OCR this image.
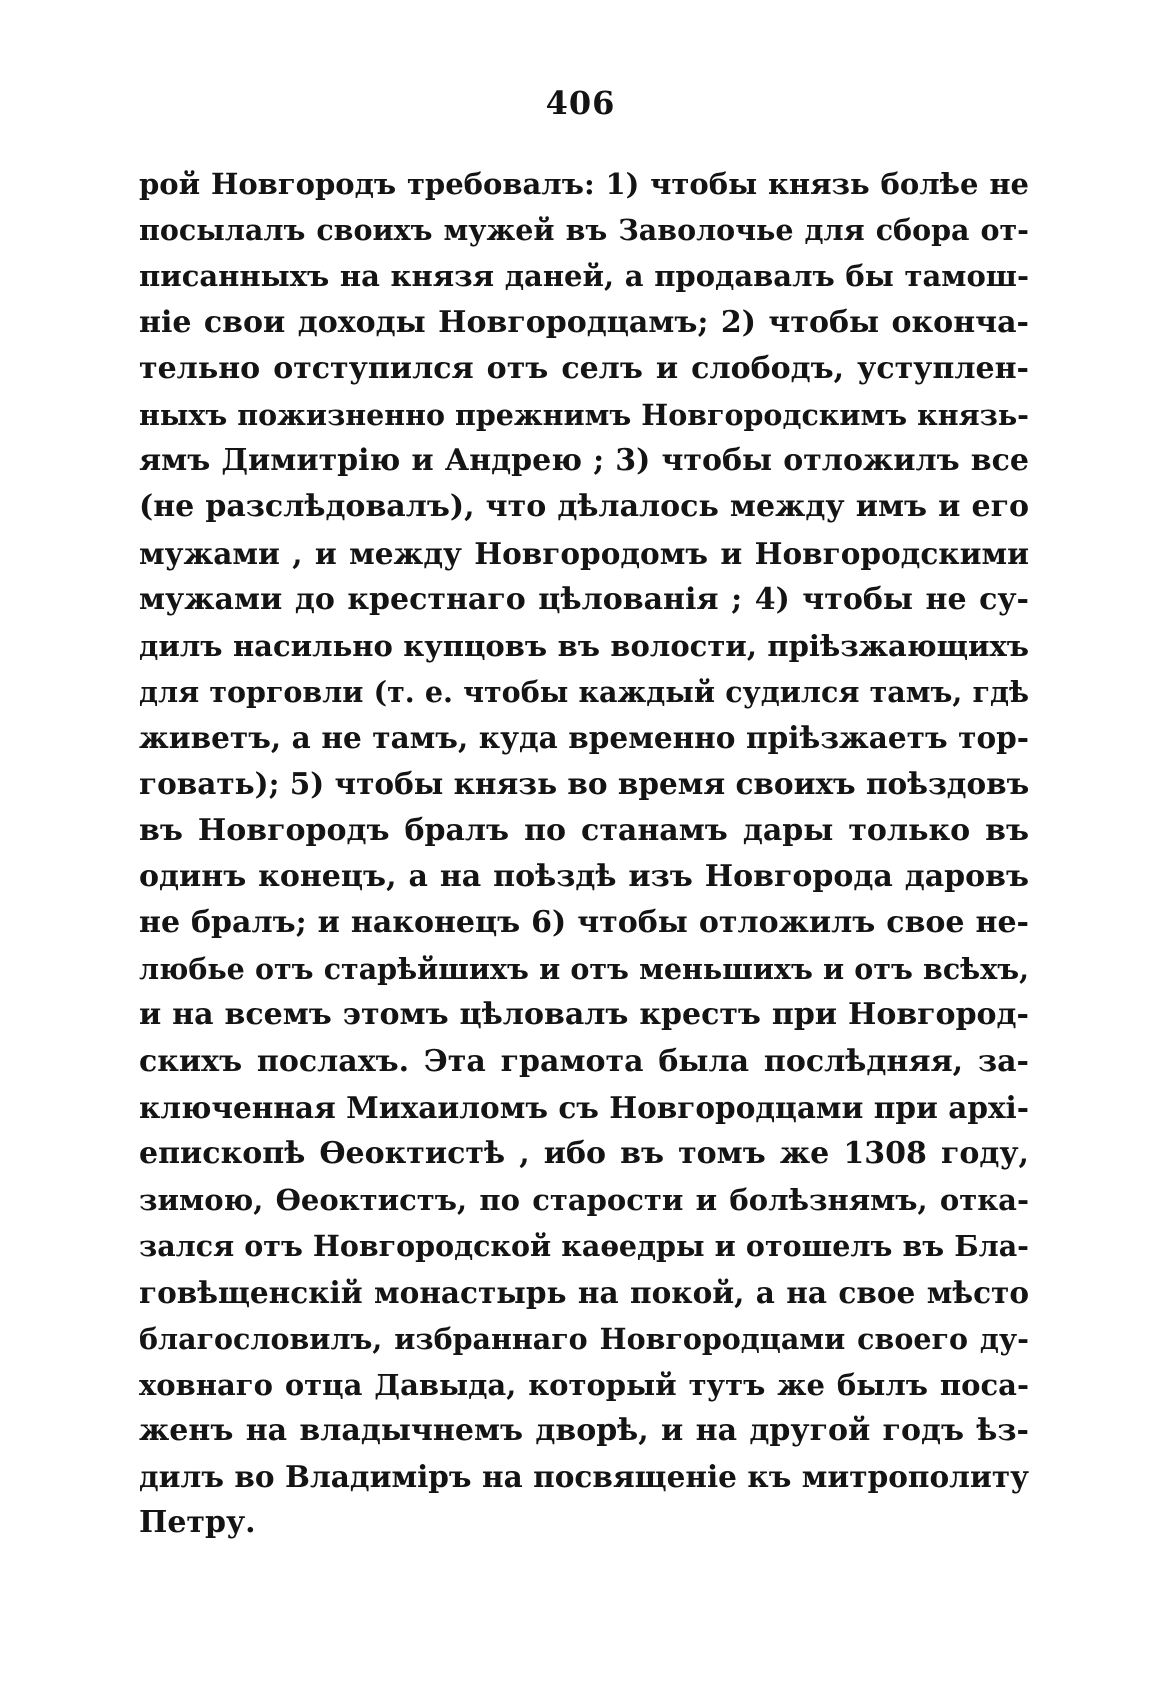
406
рой Новгородъ требовалъ: 1) чтобы князь болѣе не
посылалъ своихъ мужей въ Заволочье для сбора от-
писанныхъ на князя даней, а продавалъ бы тамош-
ніе свои доходы Новгородцамъ; 2) чтобы оконча-
тельно отступился отъ селъ и слободъ, уступлен-
ныхъ пожизненно прежнимъ Новгородскимъ князь-
ямъ Димитрію и Андрею ; 3) чтобы отложилъ все
(не разслѣдовалъ), что дѣлалось между имъ и его
мужами , и между Новгородомъ и Новгородскими
мужами до крестнаго цѣлованія ; 4) чтобы не су-
дилъ насильно купцовъ въ волости, пріѣзжающихъ
для торговли (т. е. чтобы каждый судился тамъ, гдѣ
живетъ, а не тамъ, куда временно пріѣзжаетъ тор-
говать); 5) чтобы князь во время своихъ поѣздовъ
въ Новгородъ бралъ по станамъ дары только въ
одинъ конецъ, а на поѣздѣ изъ Новгорода даровъ
не бралъ; и наконецъ 6) чтобы отложилъ свое не-
любье отъ старѣйшихъ и отъ меньшихъ и отъ всѣхъ,
и на всемъ этомъ цѣловалъ крестъ при Новгород-
скихъ послахъ. Эта грамота была послѣдняя, за-
ключенная Михаиломъ съ Новгородцами при архі-
епископѣ Ѳеоктистѣ , ибо въ томъ же 1308 году,
зимою, Ѳеоктистъ, по старости и болѣзнямъ, отка-
зался отъ Новгородской каѳедры и отошелъ въ Бла-
говѣщенскій монастырь на покой, а на свое мѣсто
благословилъ, избраннаго Новгородцами своего ду-
ховнаго отца Давыда, который тутъ же былъ поса-
женъ на владычнемъ дворѣ, и на другой годъ ѣз-
дилъ во Владиміръ на посвященіе къ митрополиту
Петру.
